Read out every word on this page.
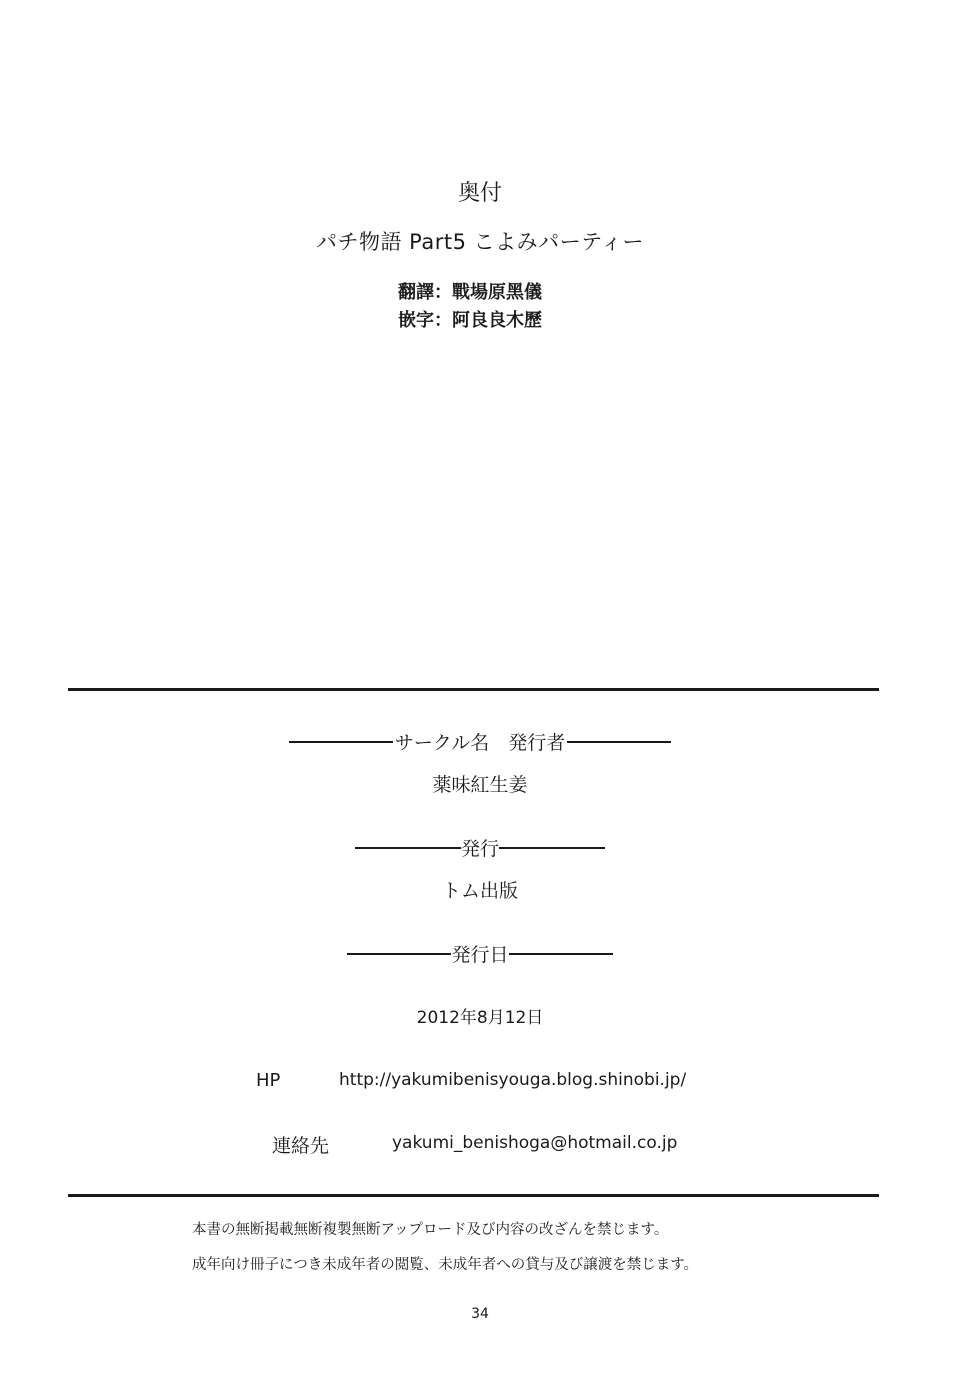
奥付
パチ物語 Part5 こよみパーティー
翻譯：戰場原黑儀
嵌字：阿良良木歷
サークル名　発行者
薬味紅生姜
発行
トム出版
発行日
2012年8月12日
HP	http://yakumibenisyouga.blog.shinobi.jp/
連絡先	yakumi_benishoga@hotmail.co.jp
本書の無断掲載無断複製無断アップロード及び内容の改ざんを禁じます。
成年向け冊子につき未成年者の閲覧、未成年者への貸与及び譲渡を禁じます。
34
